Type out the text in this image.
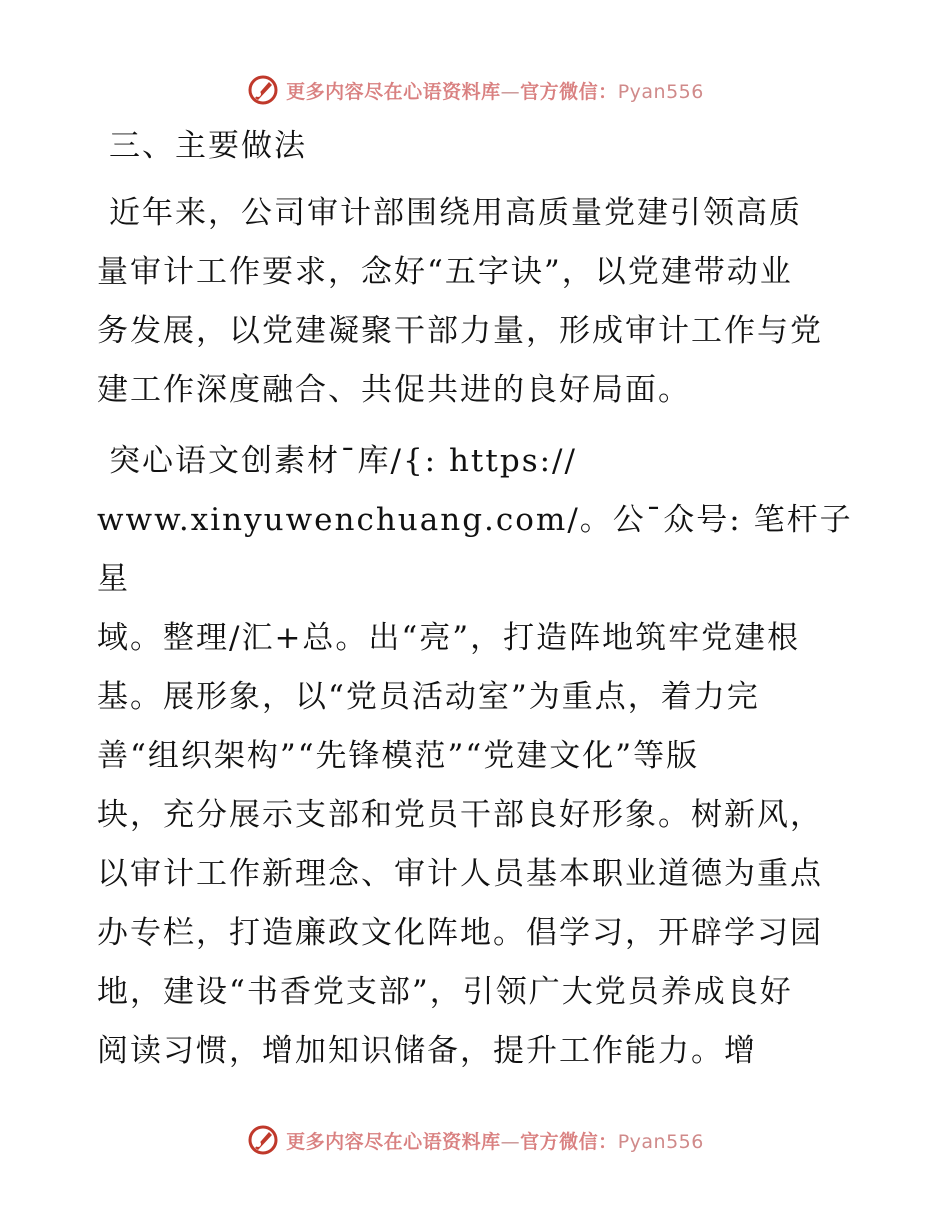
更多内容尽在心语资料库—官方微信：Pyan556
三、主要做法
近年来，公司审计部围绕用高质量党建引领高质
量审计工作要求，念好“五字诀”，以党建带动业
务发展，以党建凝聚干部力量，形成审计工作与党
建工作深度融合、共促共进的良好局面。
突心语文创素材¯库/{: https://
www.xinyuwenchuang.com/。公¯众号: 笔杆子星
域。整理/汇+总。出“亮”，打造阵地筑牢党建根
基。展形象，以“党员活动室”为重点，着力完
善“组织架构”“先锋模范”“党建文化”等版
块，充分展示支部和党员干部良好形象。树新风，
以审计工作新理念、审计人员基本职业道德为重点
办专栏，打造廉政文化阵地。倡学习，开辟学习园
地，建设“书香党支部”，引领广大党员养成良好
阅读习惯，增加知识储备，提升工作能力。增
更多内容尽在心语资料库—官方微信：Pyan556
